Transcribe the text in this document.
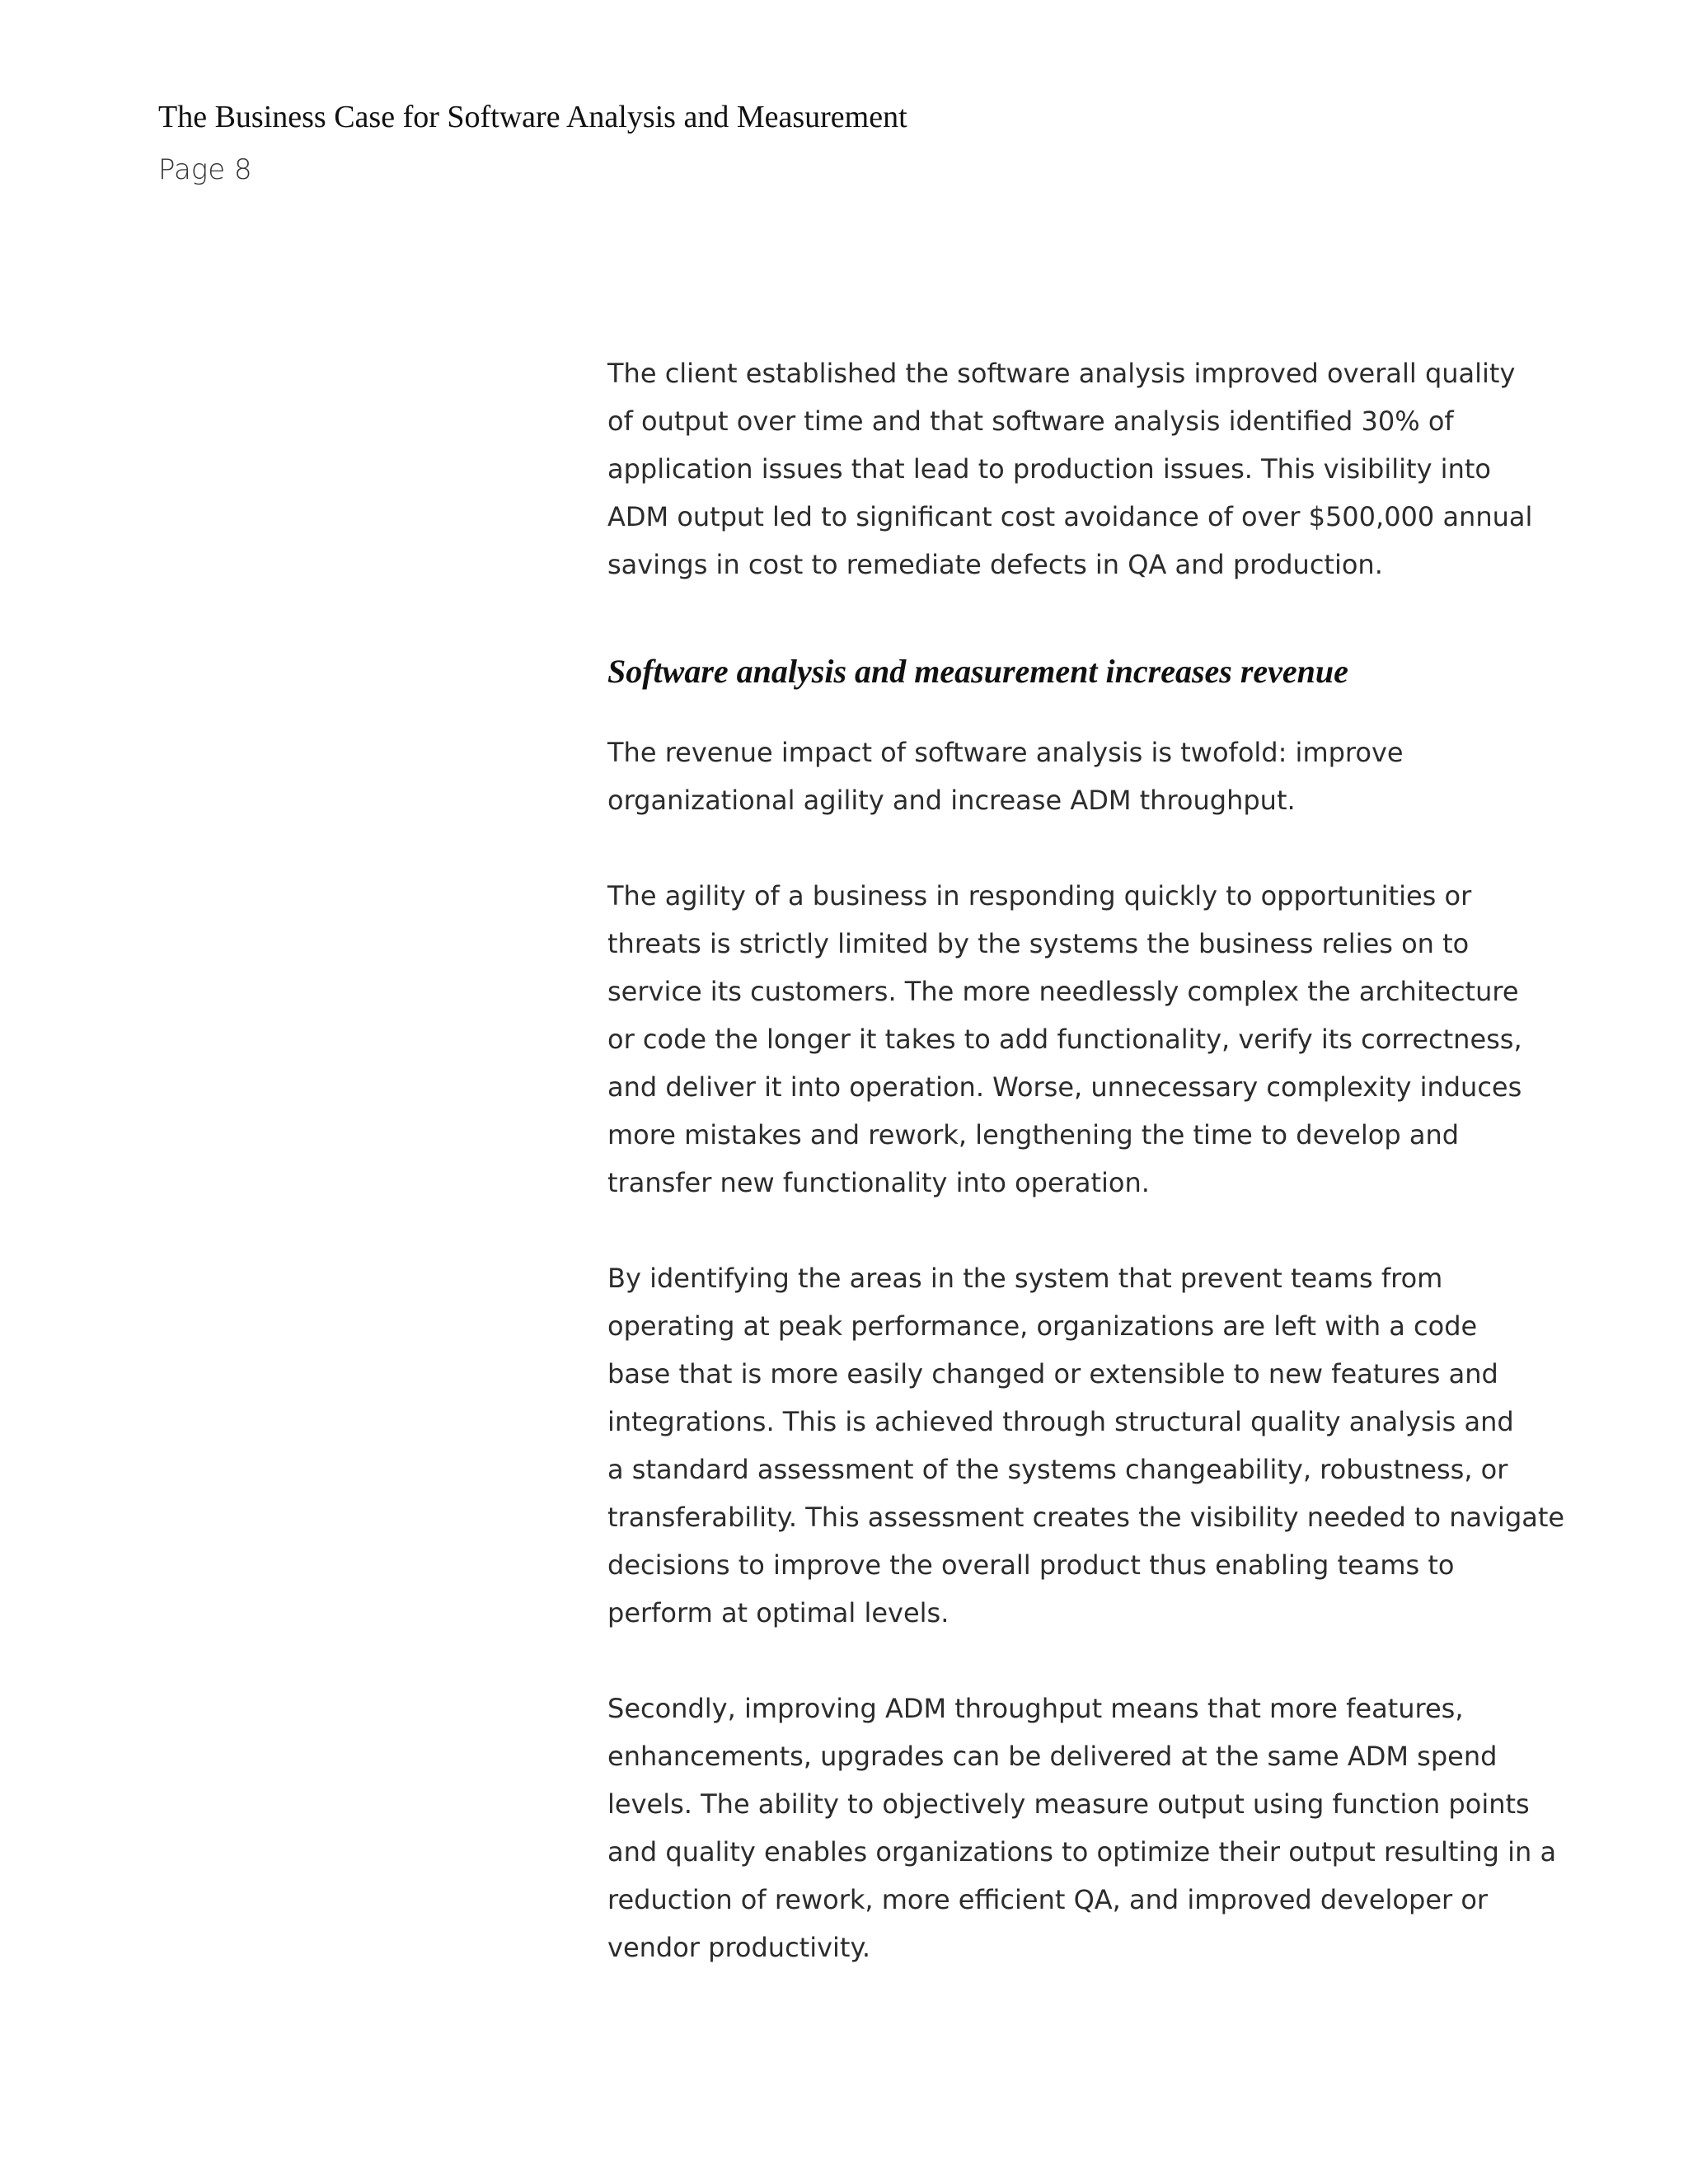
The Business Case for Software Analysis and Measurement
Page 8

The client established the software analysis improved overall quality
of output over time and that software analysis identified 30% of
application issues that lead to production issues. This visibility into
ADM output led to significant cost avoidance of over $500,000 annual
savings in cost to remediate defects in QA and production.

Software analysis and measurement increases revenue

The revenue impact of software analysis is twofold: improve
organizational agility and increase ADM throughput.

The agility of a business in responding quickly to opportunities or
threats is strictly limited by the systems the business relies on to
service its customers. The more needlessly complex the architecture
or code the longer it takes to add functionality, verify its correctness,
and deliver it into operation. Worse, unnecessary complexity induces
more mistakes and rework, lengthening the time to develop and
transfer new functionality into operation.

By identifying the areas in the system that prevent teams from
operating at peak performance, organizations are left with a code
base that is more easily changed or extensible to new features and
integrations. This is achieved through structural quality analysis and
a standard assessment of the systems changeability, robustness, or
transferability. This assessment creates the visibility needed to navigate
decisions to improve the overall product thus enabling teams to
perform at optimal levels.

Secondly, improving ADM throughput means that more features,
enhancements, upgrades can be delivered at the same ADM spend
levels. The ability to objectively measure output using function points
and quality enables organizations to optimize their output resulting in a
reduction of rework, more efficient QA, and improved developer or
vendor productivity.
